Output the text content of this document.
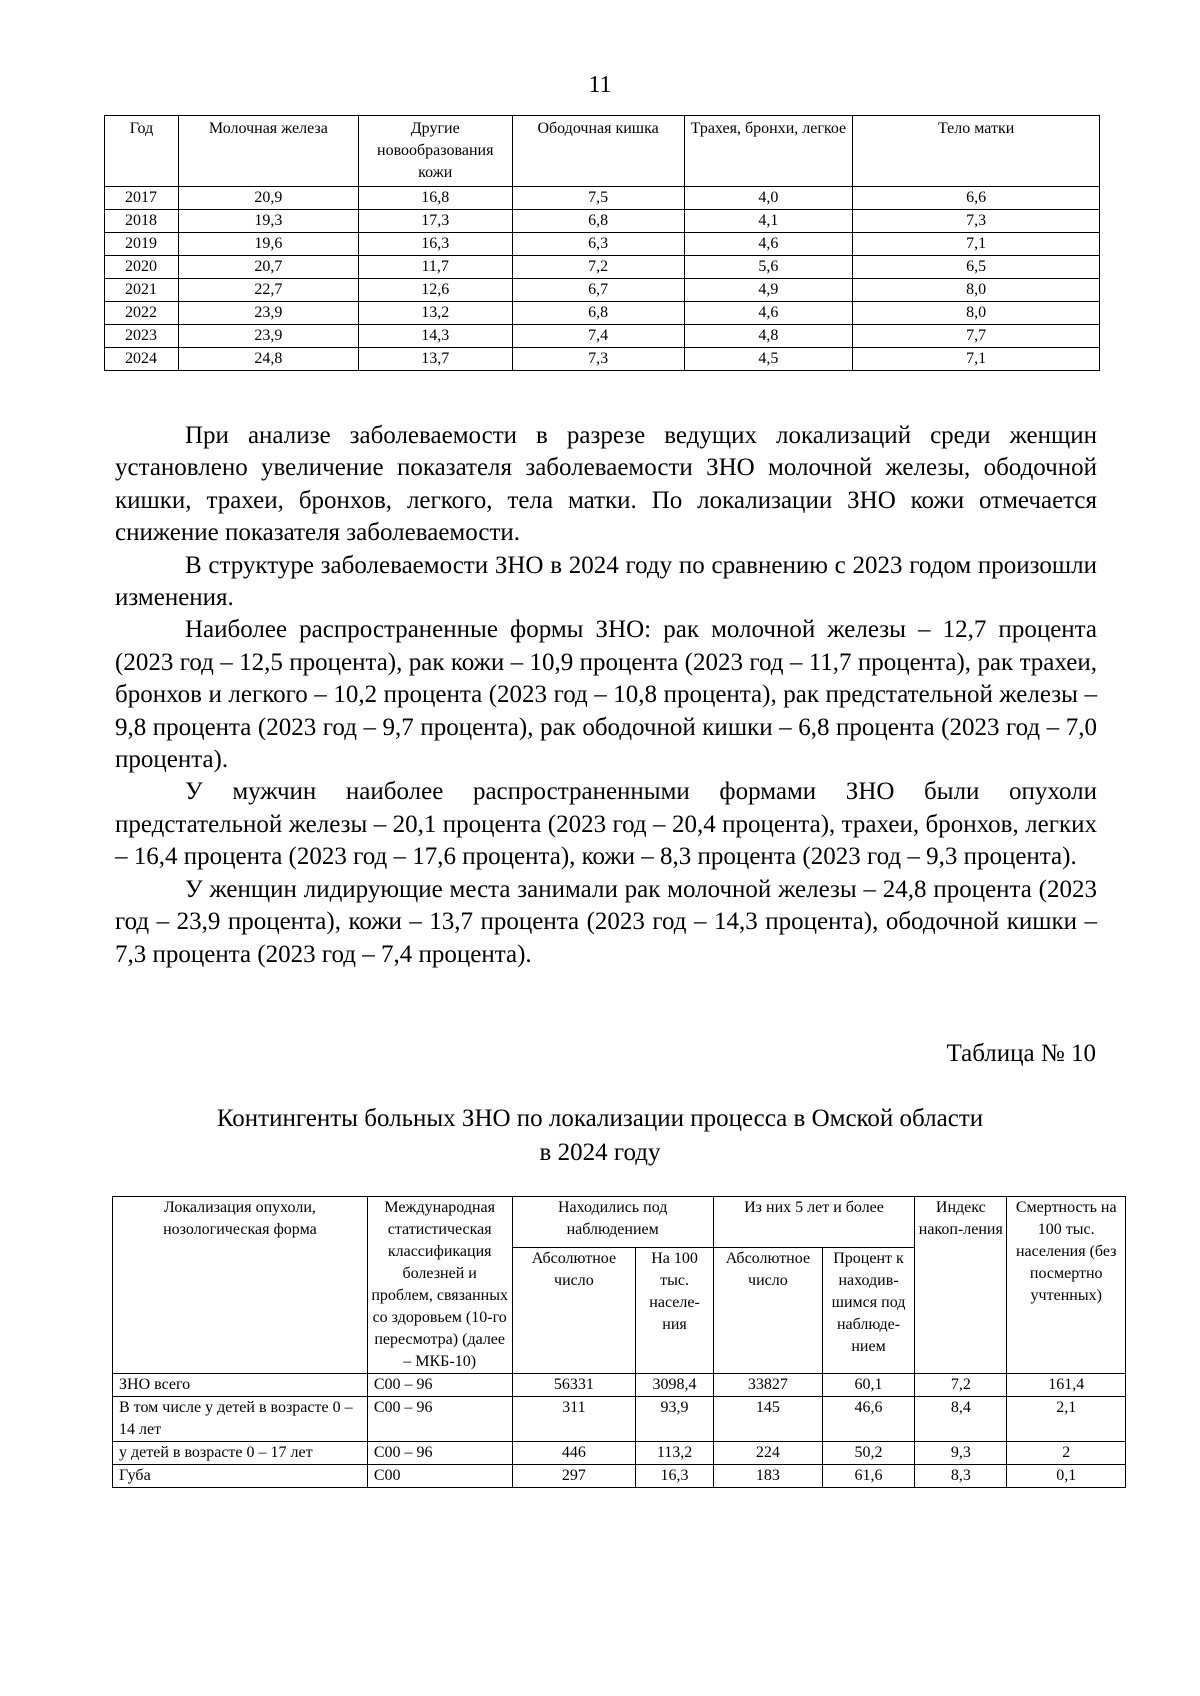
11
Год	Молочная железа	Другие новообразования кожи	Ободочная кишка	Трахея, бронхи, легкое	Тело матки
2017	20,9	16,8	7,5	4,0	6,6
2018	19,3	17,3	6,8	4,1	7,3
2019	19,6	16,3	6,3	4,6	7,1
2020	20,7	11,7	7,2	5,6	6,5
2021	22,7	12,6	6,7	4,9	8,0
2022	23,9	13,2	6,8	4,6	8,0
2023	23,9	14,3	7,4	4,8	7,7
2024	24,8	13,7	7,3	4,5	7,1

При анализе заболеваемости в разрезе ведущих локализаций среди женщин установлено увеличение показателя заболеваемости ЗНО молочной железы, ободочной кишки, трахеи, бронхов, легкого, тела матки. По локализации ЗНО кожи отмечается снижение показателя заболеваемости.

В структуре заболеваемости ЗНО в 2024 году по сравнению с 2023 годом произошли изменения.

Наиболее распространенные формы ЗНО: рак молочной железы – 12,7 процента (2023 год – 12,5 процента), рак кожи – 10,9 процента (2023 год – 11,7 процента), рак трахеи, бронхов и легкого – 10,2 процента (2023 год – 10,8 процента), рак предстательной железы – 9,8 процента (2023 год – 9,7 процента), рак ободочной кишки – 6,8 процента (2023 год – 7,0 процента).

У мужчин наиболее распространенными формами ЗНО были опухоли предстательной железы – 20,1 процента (2023 год – 20,4 процента), трахеи, бронхов, легких – 16,4 процента (2023 год – 17,6 процента), кожи – 8,3 процента (2023 год – 9,3 процента).

У женщин лидирующие места занимали рак молочной железы – 24,8 процента (2023 год – 23,9 процента), кожи – 13,7 процента (2023 год – 14,3 процента), ободочной кишки – 7,3 процента (2023 год – 7,4 процента).

Таблица № 10
Контингенты больных ЗНО по локализации процесса в Омской области
в 2024 году
Локализация опухоли, нозологическая форма	Международная статистическая классификация болезней и проблем, связанных со здоровьем (10-го пересмотра) (далее – МКБ-10)	Находились под наблюдением		Из них 5 лет и более		Индекс накоп-ления	Смертность на 100 тыс. населения (без посмертно учтенных)
		Абсолютное число	На 100 тыс. населе-ния	Абсолютное число	Процент к находив-шимся под наблюде-нием		
ЗНО всего	С00 – 96	56331	3098,4	33827	60,1	7,2	161,4
В том числе у детей в возрасте 0 – 14 лет	С00 – 96	311	93,9	145	46,6	8,4	2,1
у детей в возрасте 0 – 17 лет	С00 – 96	446	113,2	224	50,2	9,3	2
Губа	С00	297	16,3	183	61,6	8,3	0,1
